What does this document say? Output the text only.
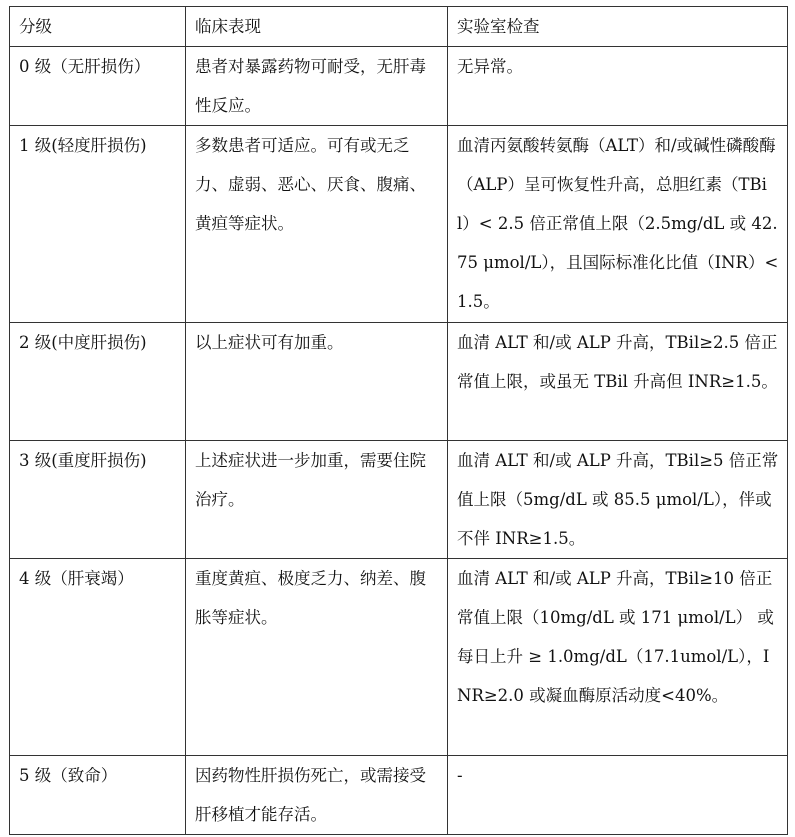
分级	临床表现	实验室检查
0 级（无肝损伤）	患者对暴露药物可耐受，无肝毒性反应。	无异常。
1 级(轻度肝损伤)	多数患者可适应。可有或无乏力、虚弱、恶心、厌食、腹痛、黄疸等症状。	血清丙氨酸转氨酶（ALT）和/或碱性磷酸酶（ALP）呈可恢复性升高，总胆红素（TBil）< 2.5 倍正常值上限（2.5mg/dL 或 42.75 μmol/L），且国际标准化比值（INR）<1.5。
2 级(中度肝损伤)	以上症状可有加重。	血清 ALT 和/或 ALP 升高，TBil≥2.5 倍正常值上限，或虽无 TBil 升高但 INR≥1.5。
3 级(重度肝损伤)	上述症状进一步加重，需要住院治疗。	血清 ALT 和/或 ALP 升高，TBil≥5 倍正常值上限（5mg/dL 或 85.5 μmol/L），伴或不伴 INR≥1.5。
4 级（肝衰竭）	重度黄疸、极度乏力、纳差、腹胀等症状。	血清 ALT 和/或 ALP 升高，TBil≥10 倍正常值上限（10mg/dL 或 171 μmol/L） 或每日上升 ≥ 1.0mg/dL（17.1umol/L），INR≥2.0 或凝血酶原活动度<40%。
5 级（致命）	因药物性肝损伤死亡，或需接受肝移植才能存活。	-
